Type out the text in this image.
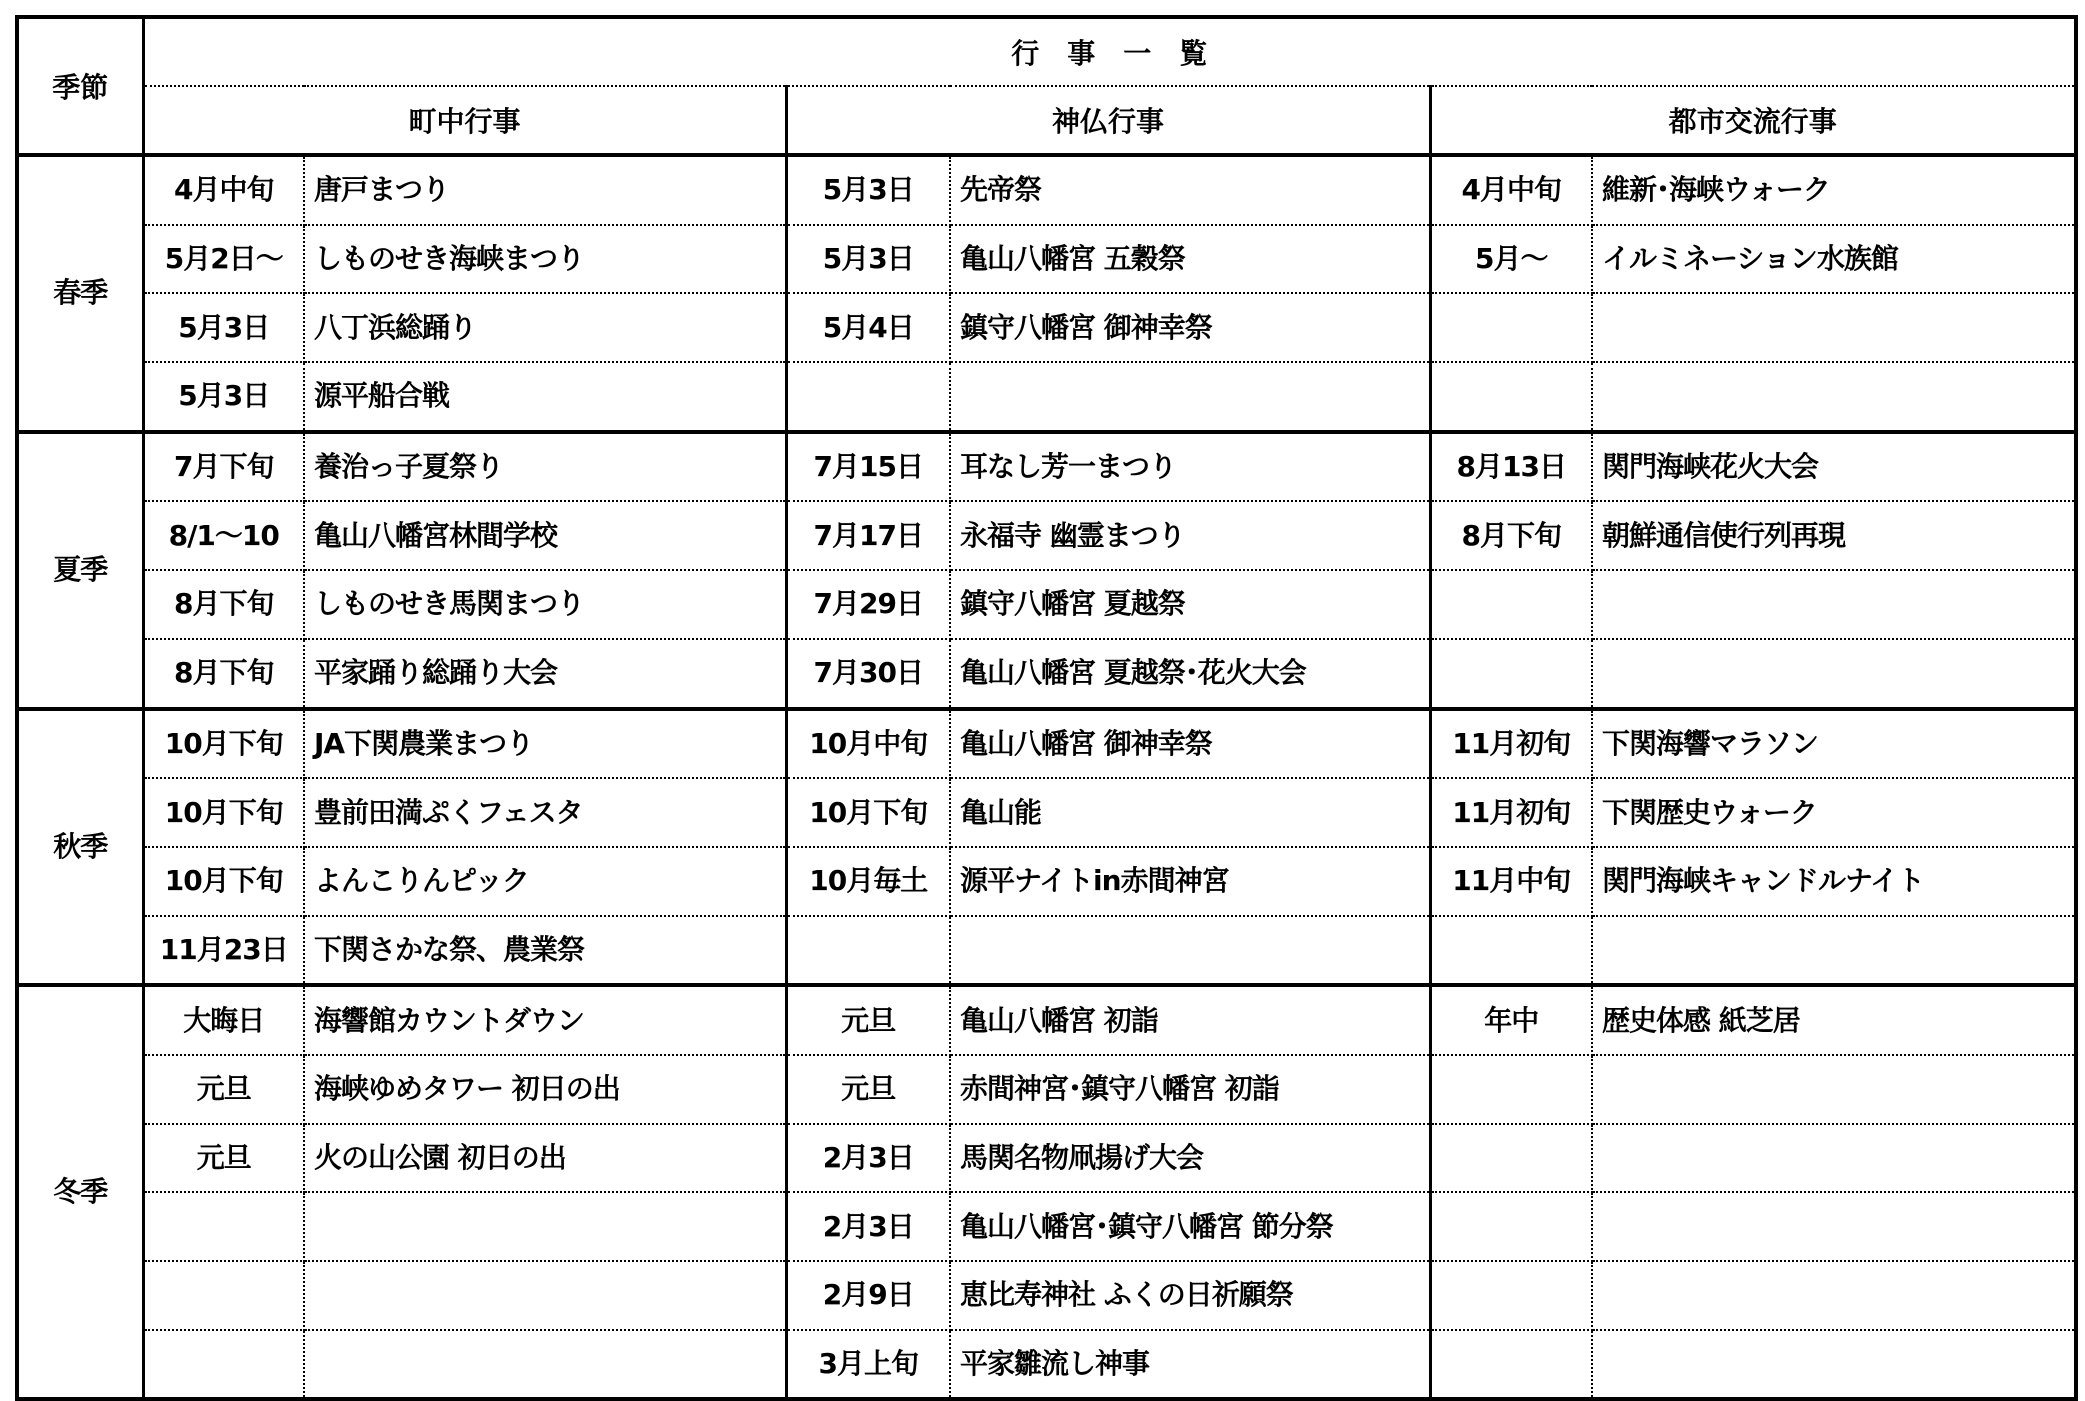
季節	行事一覧					
	町中行事		神仏行事		都市交流行事	
春季	4月中旬	唐戸まつり	5月3日	先帝祭	4月中旬	維新･海峡ウォーク
	5月2日～	しものせき海峡まつり	5月3日	亀山八幡宮 五穀祭	5月～	イルミネーション水族館
	5月3日	八丁浜総踊り	5月4日	鎮守八幡宮 御神幸祭		
	5月3日	源平船合戦				
夏季	7月下旬	養治っ子夏祭り	7月15日	耳なし芳一まつり	8月13日	関門海峡花火大会
	8/1～10	亀山八幡宮林間学校	7月17日	永福寺 幽霊まつり	8月下旬	朝鮮通信使行列再現
	8月下旬	しものせき馬関まつり	7月29日	鎮守八幡宮 夏越祭		
	8月下旬	平家踊り総踊り大会	7月30日	亀山八幡宮 夏越祭･花火大会		
秋季	10月下旬	JA下関農業まつり	10月中旬	亀山八幡宮 御神幸祭	11月初旬	下関海響マラソン
	10月下旬	豊前田満ぷくフェスタ	10月下旬	亀山能	11月初旬	下関歴史ウォーク
	10月下旬	よんこりんピック	10月毎土	源平ナイトin赤間神宮	11月中旬	関門海峡キャンドルナイト
	11月23日	下関さかな祭、農業祭				
冬季	大晦日	海響館カウントダウン	元旦	亀山八幡宮 初詣	年中	歴史体感 紙芝居
	元旦	海峡ゆめタワー 初日の出	元旦	赤間神宮･鎮守八幡宮 初詣		
	元旦	火の山公園 初日の出	2月3日	馬関名物凧揚げ大会		
			2月3日	亀山八幡宮･鎮守八幡宮 節分祭		
			2月9日	恵比寿神社 ふくの日祈願祭		
			3月上旬	平家雛流し神事		
